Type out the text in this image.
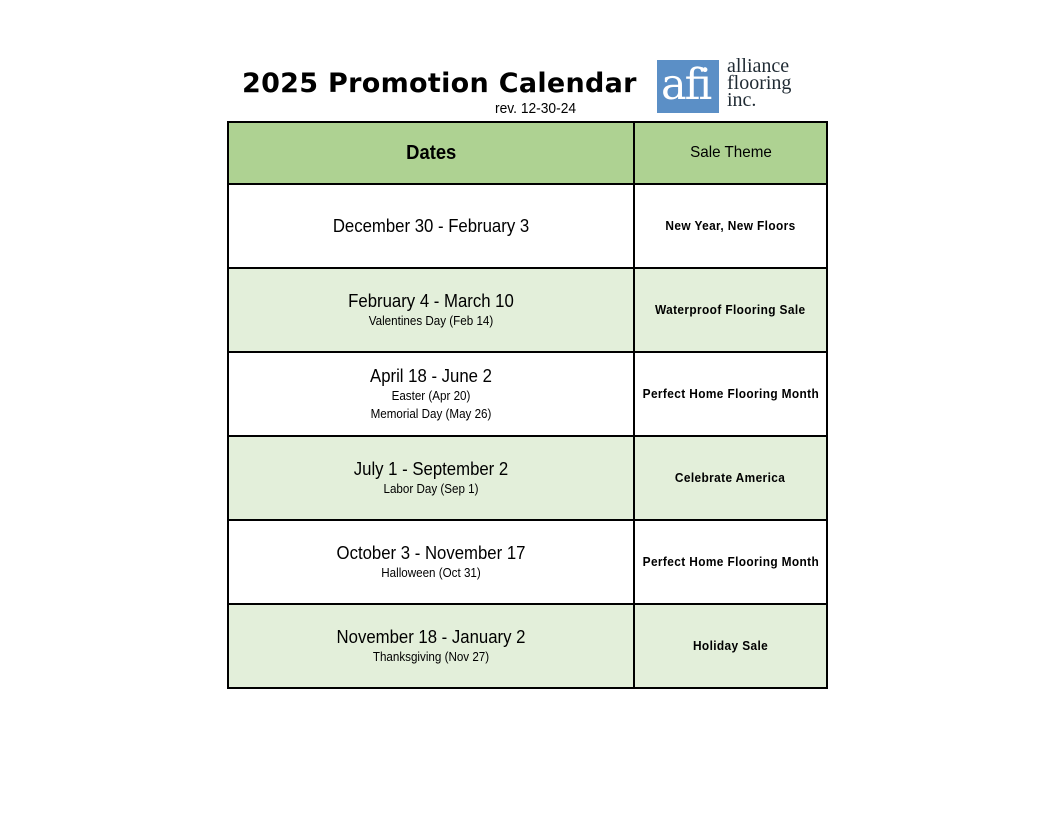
2025 Promotion Calendar
rev. 12-30-24 afi alliance
flooring
inc.
Dates	Sale Theme

December 30 - February 3	New Year, New Floors

February 4 - March 10
Valentines Day (Feb 14)	Waterproof Flooring Sale

April 18 - June 2
Easter (Apr 20)
Memorial Day (May 26)	Perfect Home Flooring Month

July 1 - September 2
Labor Day (Sep 1)	Celebrate America

October 3 - November 17
Halloween (Oct 31)	Perfect Home Flooring Month

November 18 - January 2
Thanksgiving (Nov 27)	Holiday Sale
